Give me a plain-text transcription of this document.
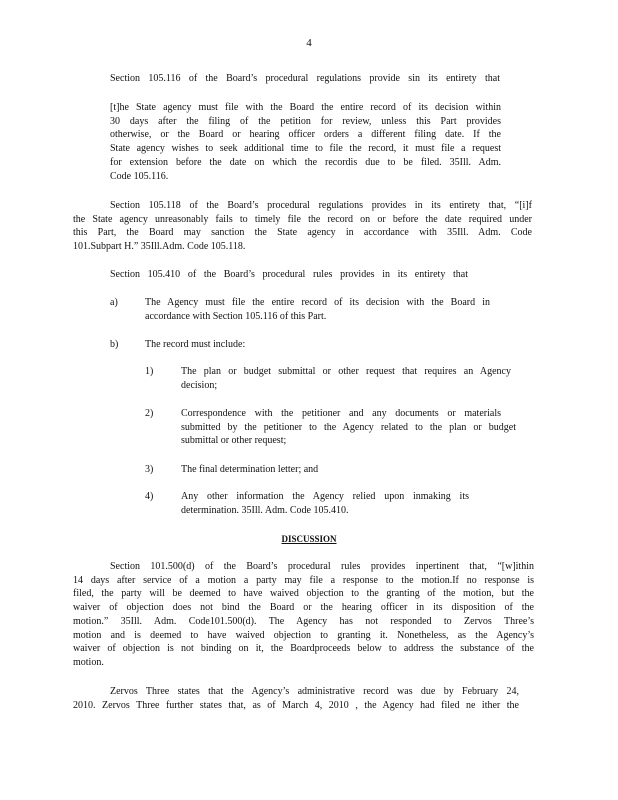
4
Section 105.116 of the Board’s procedural regulations provide sin its entirety that
[t]he State agency must file with the Board the entire record of its decision within
30 days after the filing of the petition for review, unless this Part provides
otherwise, or the Board or hearing officer orders a different filing date. If the
State agency wishes to seek additional time to file the record, it must file a request
for extension before the date on which the recordis due to be filed. 35Ill. Adm.
Code 105.116.
Section 105.118 of the Board’s procedural regulations provides in its entirety that, “[i]f
the State agency unreasonably fails to timely file the record on or before the date required under
this Part, the Board may sanction the State agency in accordance with 35Ill. Adm. Code
101.Subpart H.” 35Ill.Adm. Code 105.118.
Section 105.410 of the Board’s procedural rules provides in its entirety that
a)	The Agency must file the entire record of its decision with the Board in
accordance with Section 105.116 of this Part.
b)	The record must include:
1)	The plan or budget submittal or other request that requires an Agency
decision;
2)	Correspondence with the petitioner and any documents or materials
submitted by the petitioner to the Agency related to the plan or budget
submittal or other request;
3)	The final determination letter; and
4)	Any other information the Agency relied upon inmaking its
determination. 35Ill. Adm. Code 105.410.
DISCUSSION
Section 101.500(d) of the Board’s procedural rules provides inpertinent that, “[w]ithin
14 days after service of a motion a party may file a response to the motion.If no response is
filed, the party will be deemed to have waived objection to the granting of the motion, but the
waiver of objection does not bind the Board or the hearing officer in its disposition of the
motion.” 35Ill. Adm. Code101.500(d). The Agency has not responded to Zervos Three’s
motion and is deemed to have waived objection to granting it. Nonetheless, as the Agency’s
waiver of objection is not binding on it, the Boardproceeds below to address the substance of the
motion.
Zervos Three states that the Agency’s administrative record was due by February 24,
2010. Zervos Three further states that, as of March 4, 2010 , the Agency had filed ne ither the
